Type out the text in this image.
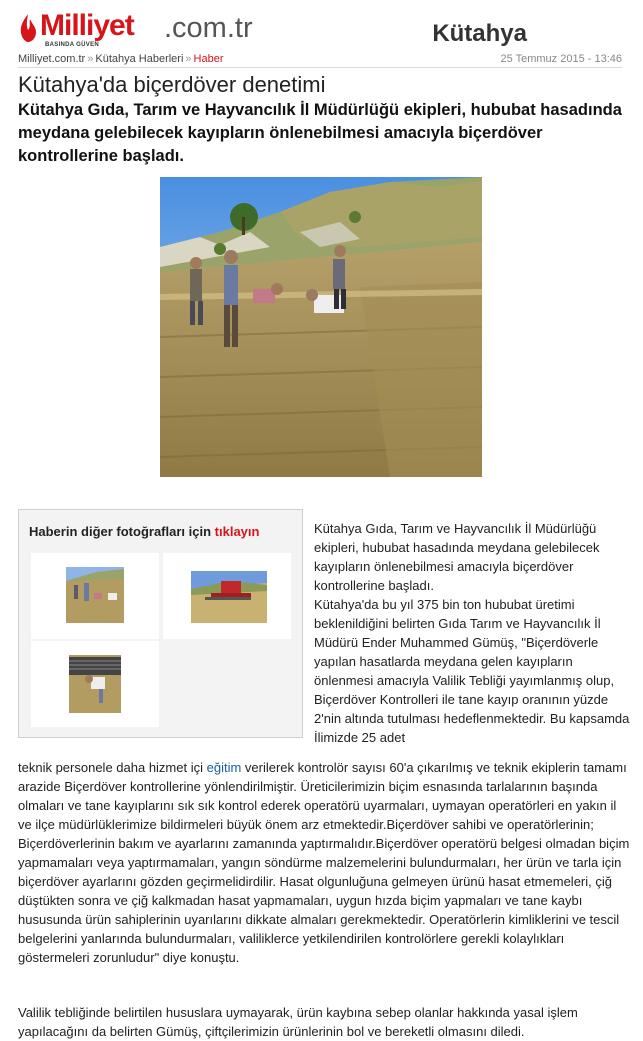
Milliyet .com.tr
BASINDA GÜVEN	Kütahya
Milliyet.com.tr » Kütahya Haberleri » Haber	25 Temmuz 2015 - 13:46
Kütahya'da biçerdöver denetimi
Kütahya Gıda, Tarım ve Hayvancılık İl Müdürlüğü ekipleri, hububat hasadında meydana gelebilecek kayıpların önlenebilmesi amacıyla biçerdöver kontrollerine başladı.
Haberin diğer fotoğrafları için tıklayın	Kütahya Gıda, Tarım ve Hayvancılık İl Müdürlüğü ekipleri, hububat hasadında meydana gelebilecek kayıpların önlenebilmesi amacıyla biçerdöver kontrollerine başladı.
Kütahya'da bu yıl 375 bin ton hububat üretimi beklenildiğini belirten Gıda Tarım ve Hayvancılık İl Müdürü Ender Muhammed Gümüş, "Biçerdöverle yapılan hasatlarda meydana gelen kayıpların önlenmesi amacıyla Valilik Tebliği yayımlanmış olup, Biçerdöver Kontrolleri ile tane kayıp oranının yüzde 2'nin altında tutulması hedeflenmektedir. Bu kapsamda İlimizde 25 adet
teknik personele daha hizmet içi eğitim verilerek kontrolör sayısı 60'a çıkarılmış ve teknik ekiplerin tamamı arazide Biçerdöver kontrollerine yönlendirilmiştir. Üreticilerimizin biçim esnasında tarlalarının başında olmaları ve tane kayıplarını sık sık kontrol ederek operatörü uyarmaları, uymayan operatörleri en yakın il ve ilçe müdürlüklerimize bildirmeleri büyük önem arz etmektedir.Biçerdöver sahibi ve operatörlerinin; Biçerdöverlerinin bakım ve ayarlarını zamanında yaptırmalıdır.Biçerdöver operatörü belgesi olmadan biçim yapmamaları veya yaptırmamaları, yangın söndürme malzemelerini bulundurmaları, her ürün ve tarla için biçerdöver ayarlarını gözden geçirmelidirdilir. Hasat olgunluğuna gelmeyen ürünü hasat etmemeleri, çiğ düştükten sonra ve çiğ kalkmadan hasat yapmamaları, uygun hızda biçim yapmaları ve tane kaybı hususunda ürün sahiplerinin uyarılarını dikkate almaları gerekmektedir. Operatörlerin kimliklerini ve tescil belgelerini yanlarında bulundurmaları, valiliklerce yetkilendirilen kontrolörlere gerekli kolaylıkları göstermeleri zorunludur" diye konuştu.
Valilik tebliğinde belirtilen hususlara uymayarak, ürün kaybına sebep olanlar hakkında yasal işlem yapılacağını da belirten Gümüş, çiftçilerimizin ürünlerinin bol ve bereketli olmasını diledi.
